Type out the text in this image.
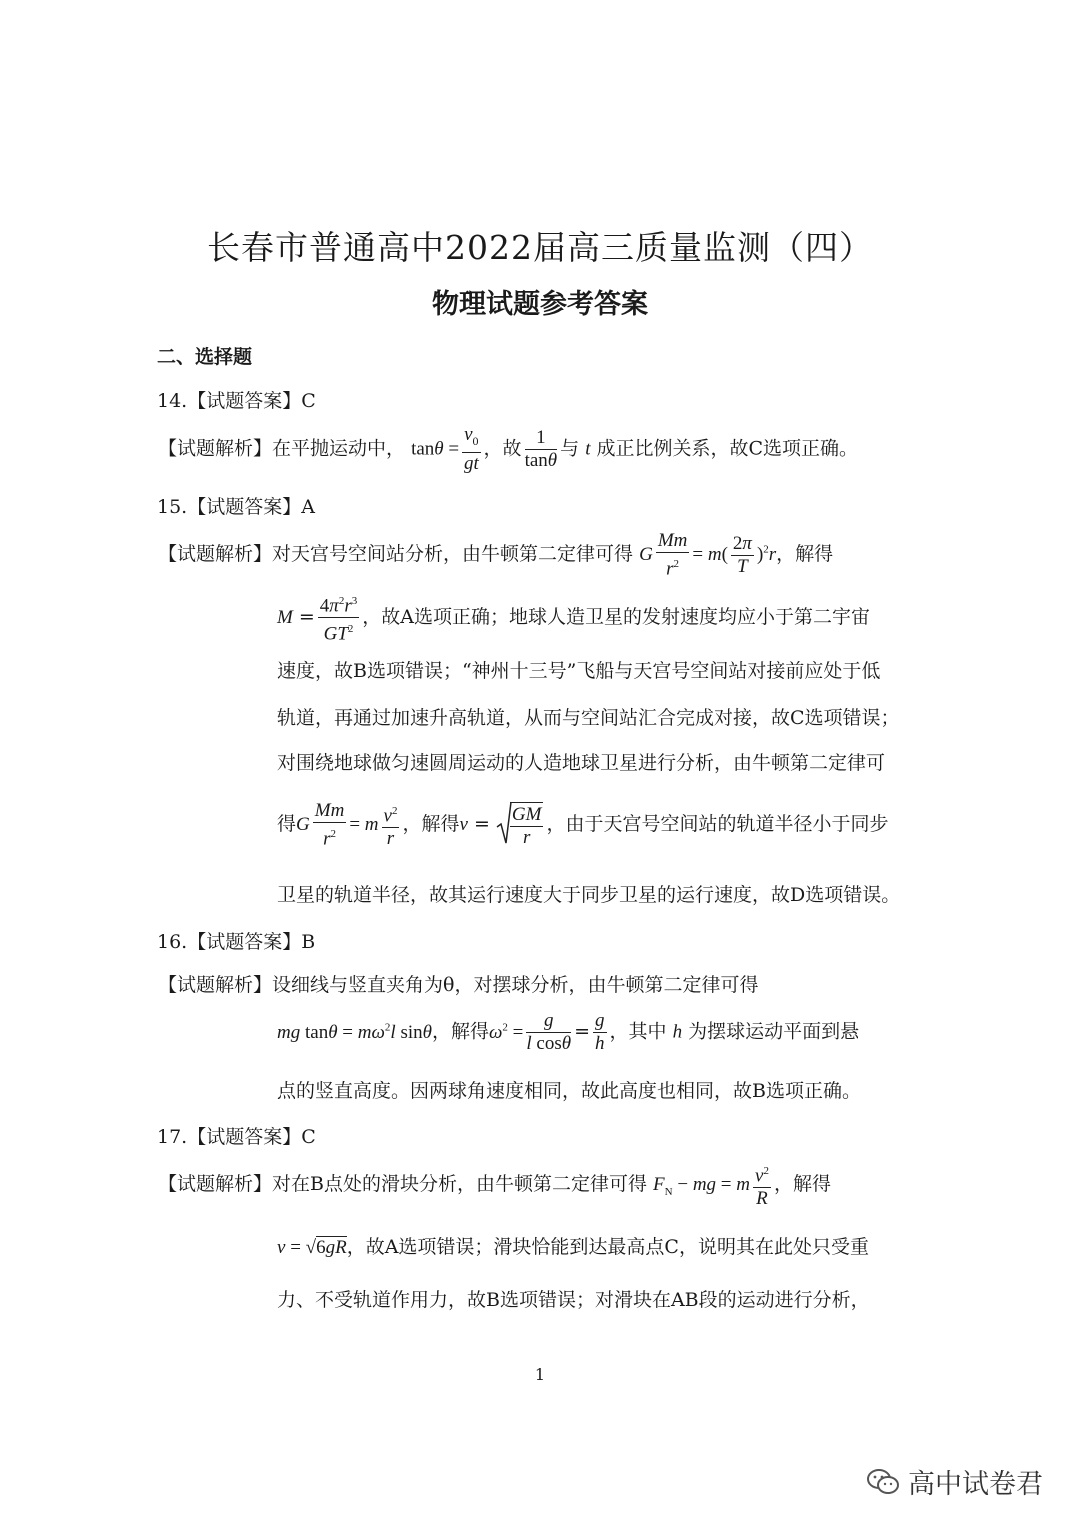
长春市普通高中2022届高三质量监测（四）
物理试题参考答案
二、选择题
14.【试题答案】C
【试题解析】在平抛运动中， $\tan\theta = \frac{v_0}{gt}$ ，故 $\frac{1}{\tan\theta}$ 与 t 成正比例关系，故C选项正确。
15.【试题答案】A
【试题解析】对天宫号空间站分析，由牛顿第二定律可得 G $\frac{Mm}{r^2} = m( \frac{2\pi}{T} )^2r$，解得
$M = \frac{4\pi^2r^3}{GT^2}$ ，故A选项正确；地球人造卫星的发射速度均应小于第二宇宙
速度，故B选项错误；“神州十三号”飞船与天宫号空间站对接前应处于低
轨道，再通过加速升高轨道，从而与空间站汇合完成对接，故C选项错误；
对围绕地球做匀速圆周运动的人造地球卫星进行分析，由牛顿第二定律可
得G $\frac{Mm}{r^2} = m \frac{v^2}{r}$ ，解得$v = \frac{GM}{r}$ ，由于天宫号空间站的轨道半径小于同步
卫星的轨道半径，故其运行速度大于同步卫星的运行速度，故D选项错误。
16.【试题答案】B
【试题解析】设细线与竖直夹角为θ，对摆球分析，由牛顿第二定律可得
mg $\tan\theta = m\omega^2l$ sinθ，解得$\omega^2 = \frac{g}{\text{l cosθ}} = \frac{g}{h}$ ，其中 h 为摆球运动平面到悬
点的竖直高度。因两球角速度相同，故此高度也相同，故B选项正确。
17.【试题答案】C
【试题解析】对在B点处的滑块分析，由牛顿第二定律可得 $F_N$ − mg = m $\frac{v^2}{R}$ ，解得
v = √6gR，故A选项错误；滑块恰能到达最高点C，说明其在此处只受重
力、不受轨道作用力，故B选项错误；对滑块在AB段的运动进行分析，
1
高中试卷君
